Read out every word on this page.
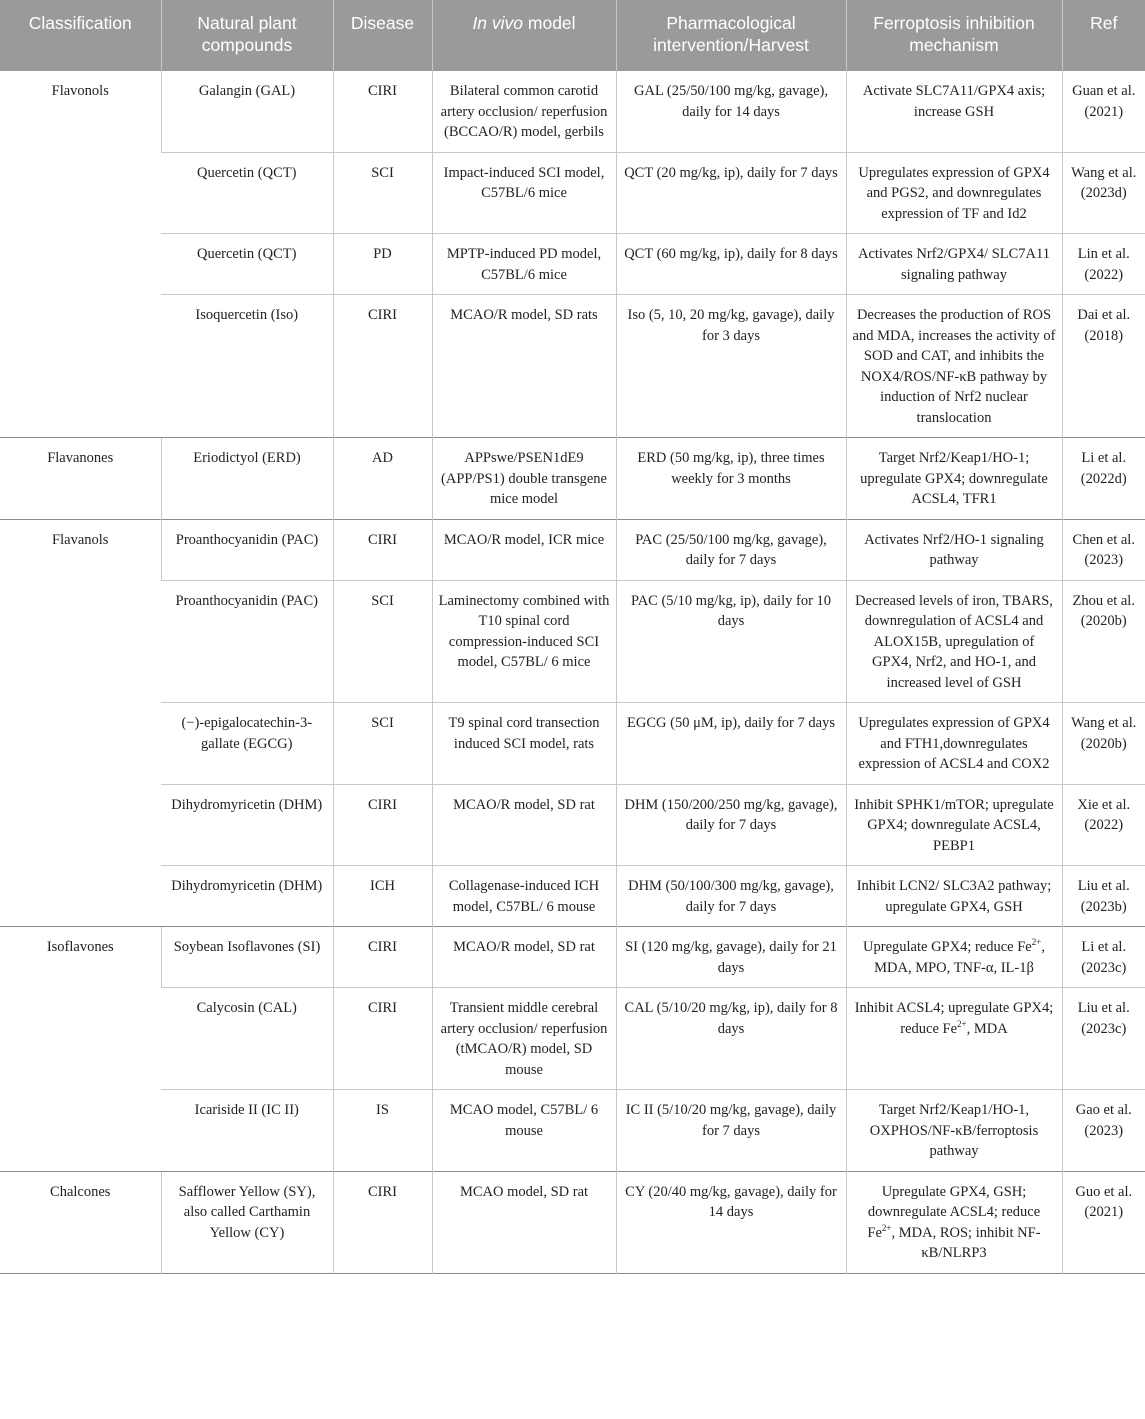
Classification	Natural plant compounds	Disease	In vivo model	Pharmacological intervention/Harvest	Ferroptosis inhibition mechanism	Ref
Flavonols	Galangin (GAL)	CIRI	Bilateral common carotid artery occlusion/ reperfusion (BCCAO/R) model, gerbils	GAL (25/50/100 mg/kg, gavage), daily for 14 days	Activate SLC7A11/GPX4 axis; increase GSH	Guan et al. (2021)
	Quercetin (QCT)	SCI	Impact-induced SCI model, C57BL/6 mice	QCT (20 mg/kg, ip), daily for 7 days	Upregulates expression of GPX4 and PGS2, and downregulates expression of TF and Id2	Wang et al. (2023d)
	Quercetin (QCT)	PD	MPTP-induced PD model, C57BL/6 mice	QCT (60 mg/kg, ip), daily for 8 days	Activates Nrf2/GPX4/ SLC7A11 signaling pathway	Lin et al. (2022)
	Isoquercetin (Iso)	CIRI	MCAO/R model, SD rats	Iso (5, 10, 20 mg/kg, gavage), daily for 3 days	Decreases the production of ROS and MDA, increases the activity of SOD and CAT, and inhibits the NOX4/ROS/NF-κB pathway by induction of Nrf2 nuclear translocation	Dai et al. (2018)
Flavanones	Eriodictyol (ERD)	AD	APPswe/PSEN1dE9 (APP/PS1) double transgene mice model	ERD (50 mg/kg, ip), three times weekly for 3 months	Target Nrf2/Keap1/HO-1; upregulate GPX4; downregulate ACSL4, TFR1	Li et al. (2022d)
Flavanols	Proanthocyanidin (PAC)	CIRI	MCAO/R model, ICR mice	PAC (25/50/100 mg/kg, gavage), daily for 7 days	Activates Nrf2/HO-1 signaling pathway	Chen et al. (2023)
	Proanthocyanidin (PAC)	SCI	Laminectomy combined with T10 spinal cord compression-induced SCI model, C57BL/ 6 mice	PAC (5/10 mg/kg, ip), daily for 10 days	Decreased levels of iron, TBARS, downregulation of ACSL4 and ALOX15B, upregulation of GPX4, Nrf2, and HO-1, and increased level of GSH	Zhou et al. (2020b)
	(−)-epigalocatechin-3-gallate (EGCG)	SCI	T9 spinal cord transection induced SCI model, rats	EGCG (50 μM, ip), daily for 7 days	Upregulates expression of GPX4 and FTH1,downregulates expression of ACSL4 and COX2	Wang et al. (2020b)
	Dihydromyricetin (DHM)	CIRI	MCAO/R model, SD rat	DHM (150/200/250 mg/kg, gavage), daily for 7 days	Inhibit SPHK1/mTOR; upregulate GPX4; downregulate ACSL4, PEBP1	Xie et al. (2022)
	Dihydromyricetin (DHM)	ICH	Collagenase-induced ICH model, C57BL/ 6 mouse	DHM (50/100/300 mg/kg, gavage), daily for 7 days	Inhibit LCN2/ SLC3A2 pathway; upregulate GPX4, GSH	Liu et al. (2023b)
Isoflavones	Soybean Isoflavones (SI)	CIRI	MCAO/R model, SD rat	SI (120 mg/kg, gavage), daily for 21 days	Upregulate GPX4; reduce $Fe^{2+}$, MDA, MPO, TNF-α, IL-1β	Li et al. (2023c)
	Calycosin (CAL)	CIRI	Transient middle cerebral artery occlusion/ reperfusion (tMCAO/R) model, SD mouse	CAL (5/10/20 mg/kg, ip), daily for 8 days	Inhibit ACSL4; upregulate GPX4; reduce $Fe^{2+}$, MDA	Liu et al. (2023c)
	Icariside II (IC II)	IS	MCAO model, C57BL/ 6 mouse	IC II (5/10/20 mg/kg, gavage), daily for 7 days	Target Nrf2/Keap1/HO-1, OXPHOS/NF-κB/ferroptosis pathway	Gao et al. (2023)
Chalcones	Safflower Yellow (SY), also called Carthamin Yellow (CY)	CIRI	MCAO model, SD rat	CY (20/40 mg/kg, gavage), daily for 14 days	Upregulate GPX4, GSH; downregulate ACSL4; reduce $Fe^{2+}$, MDA, ROS; inhibit NF-κB/NLRP3	Guo et al. (2021)
